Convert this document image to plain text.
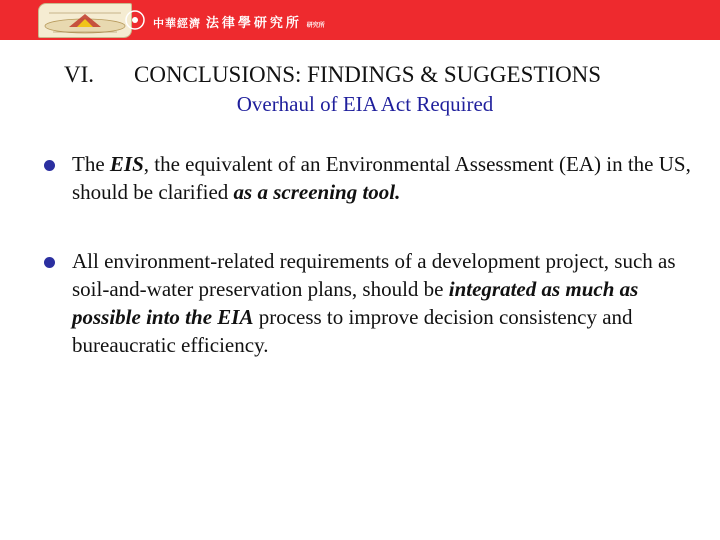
中華經濟 法律學研究所 研究所
VI. CONCLUSIONS: FINDINGS & SUGGESTIONS
Overhaul of EIA Act Required
The EIS, the equivalent of an Environmental Assessment (EA) in the US, should be clarified as a screening tool.
All environment-related requirements of a development project, such as soil-and-water preservation plans, should be integrated as much as possible into the EIA process to improve decision consistency and bureaucratic efficiency.
